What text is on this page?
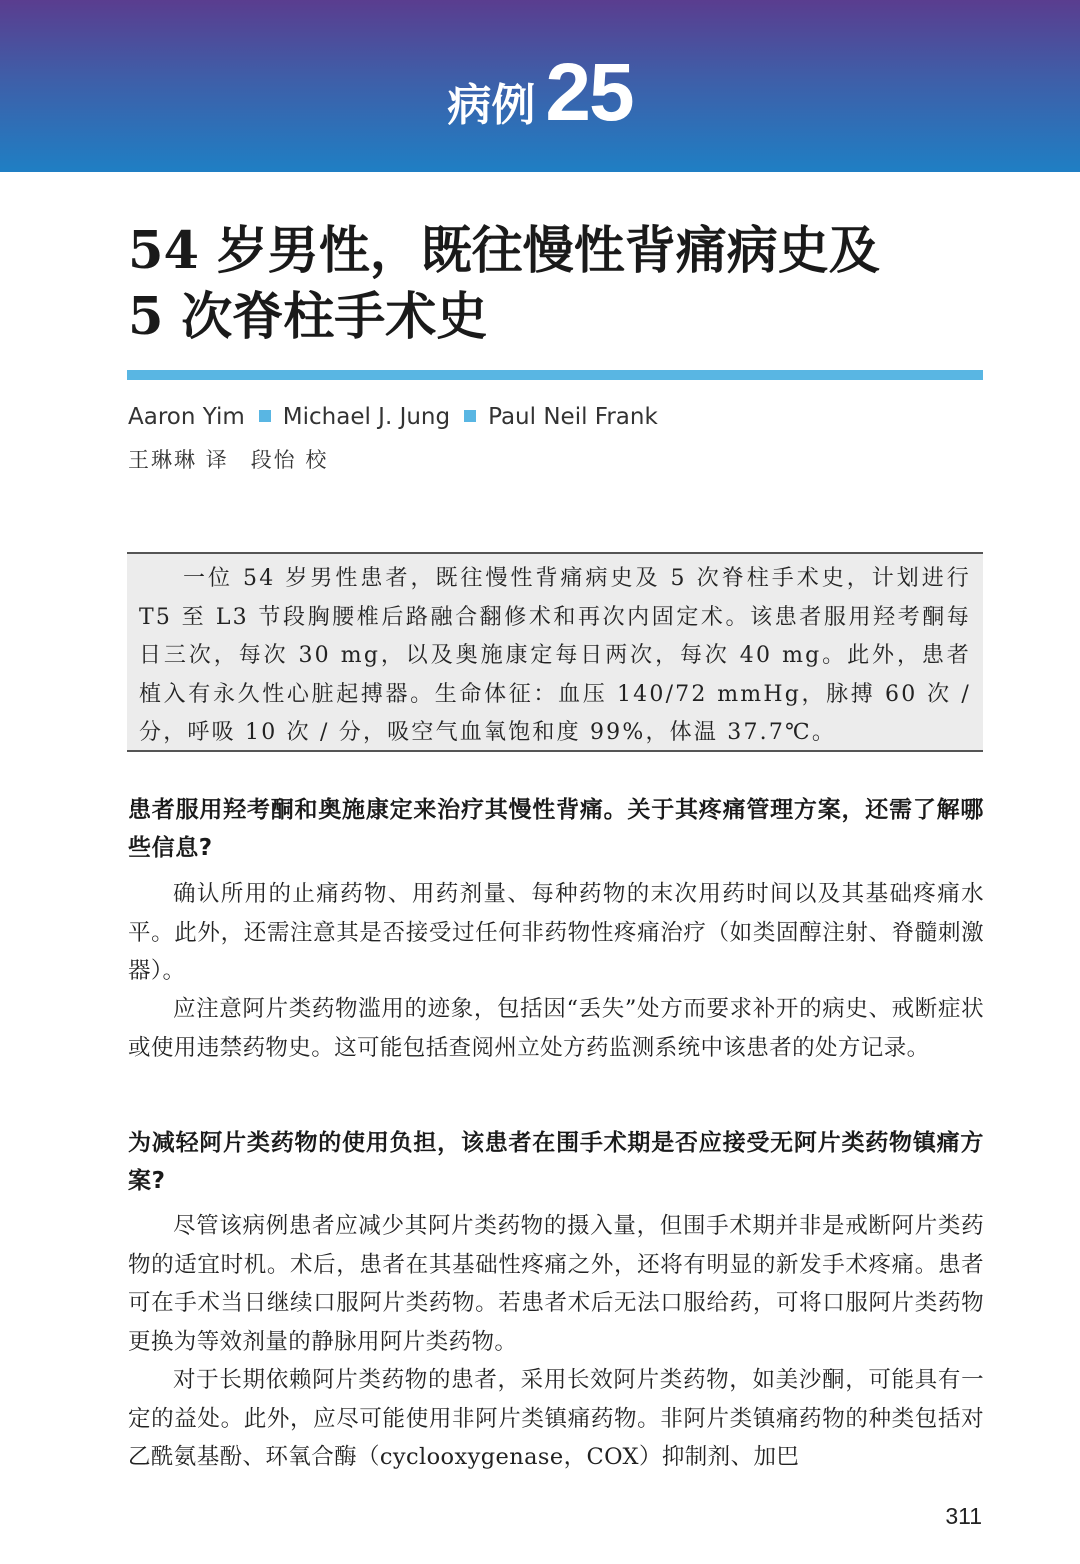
病例 25
54 岁男性，既往慢性背痛病史及
5 次脊柱手术史
Aaron Yim Michael J. Jung Paul Neil Frank
王琳琳 译 段怡 校

一位 54 岁男性患者，既往慢性背痛病史及 5 次脊柱手术史，计划进行 T5 至 L3 节段胸腰椎后路融合翻修术和再次内固定术。该患者服用羟考酮每日三次，每次 30 mg，以及奥施康定每日两次，每次 40 mg。此外，患者植入有永久性心脏起搏器。生命体征：血压 140/72 mmHg，脉搏 60 次 / 分，呼吸 10 次 / 分，吸空气血氧饱和度 99%，体温 37.7℃。

患者服用羟考酮和奥施康定来治疗其慢性背痛。关于其疼痛管理方案，还需了解哪些信息?

确认所用的止痛药物、用药剂量、每种药物的末次用药时间以及其基础疼痛水平。此外，还需注意其是否接受过任何非药物性疼痛治疗（如类固醇注射、脊髓刺激器）。

应注意阿片类药物滥用的迹象，包括因“丢失”处方而要求补开的病史、戒断症状或使用违禁药物史。这可能包括查阅州立处方药监测系统中该患者的处方记录。

为减轻阿片类药物的使用负担，该患者在围手术期是否应接受无阿片类药物镇痛方案?

尽管该病例患者应减少其阿片类药物的摄入量，但围手术期并非是戒断阿片类药物的适宜时机。术后，患者在其基础性疼痛之外，还将有明显的新发手术疼痛。患者可在手术当日继续口服阿片类药物。若患者术后无法口服给药，可将口服阿片类药物更换为等效剂量的静脉用阿片类药物。

对于长期依赖阿片类药物的患者，采用长效阿片类药物，如美沙酮，可能具有一定的益处。此外，应尽可能使用非阿片类镇痛药物。非阿片类镇痛药物的种类包括对乙酰氨基酚、环氧合酶（cyclooxygenase，COX）抑制剂、加巴

311
